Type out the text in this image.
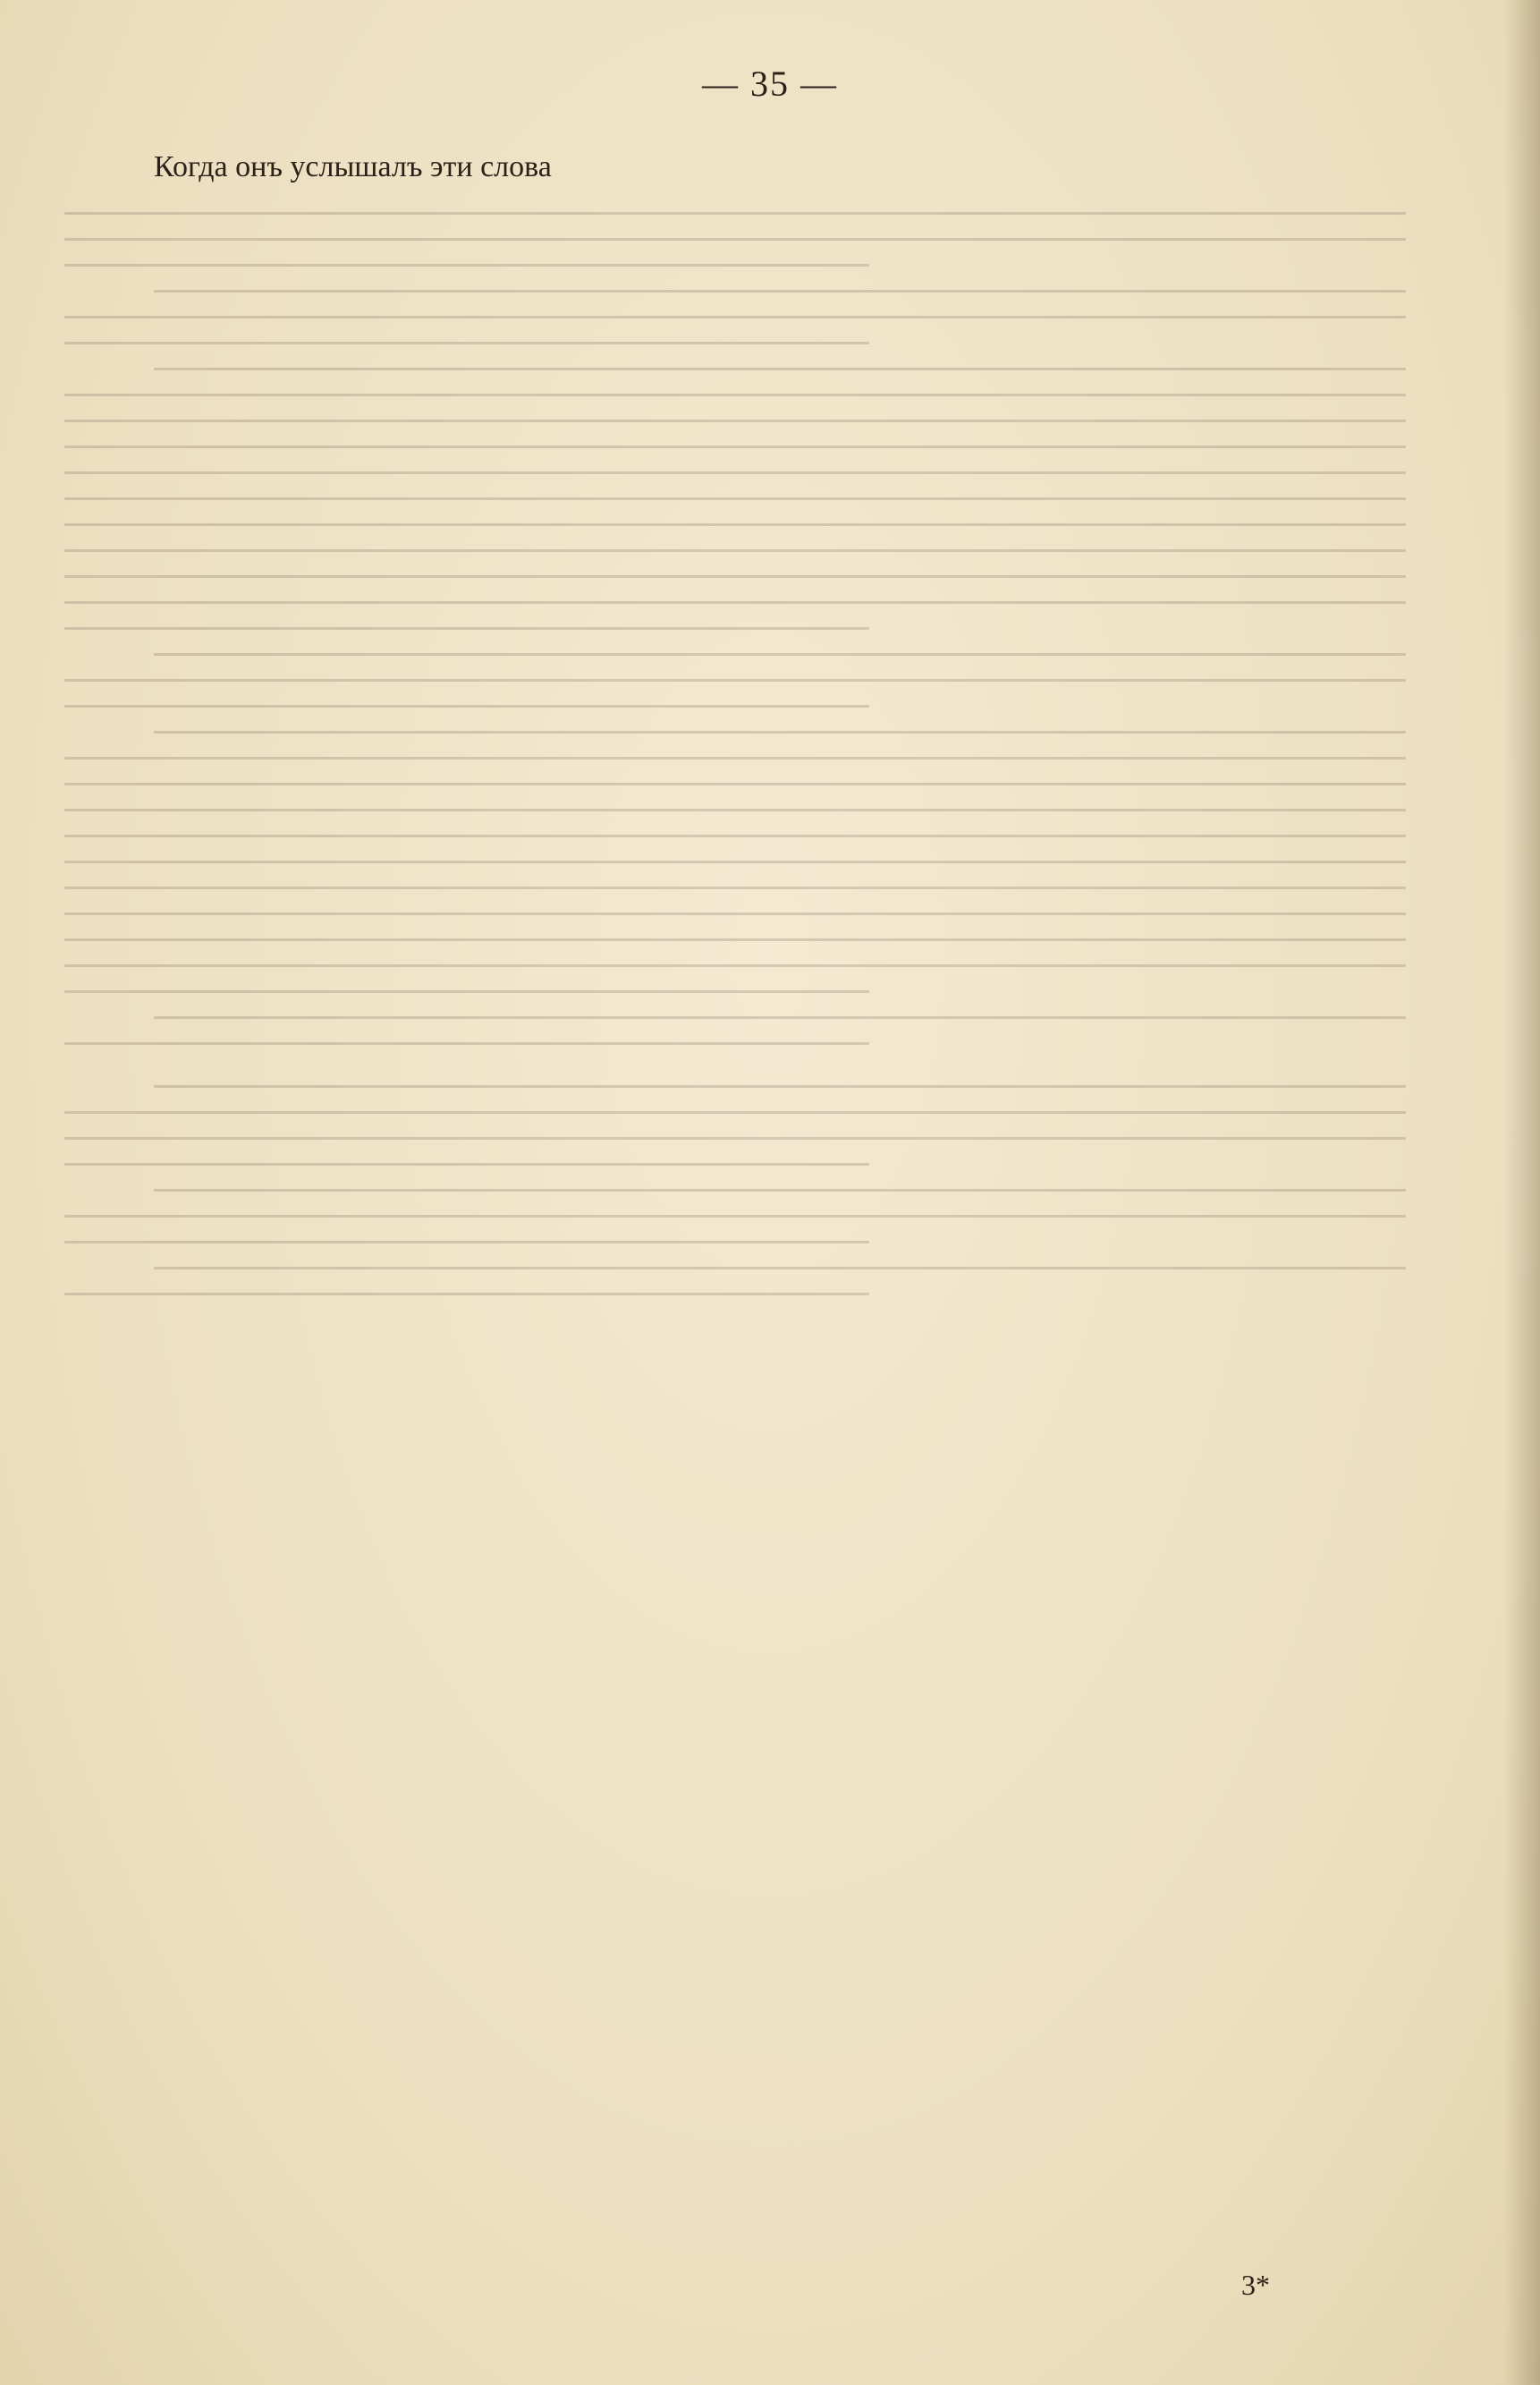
— 35 —

Когда онъ услышалъ эти слова

3*
